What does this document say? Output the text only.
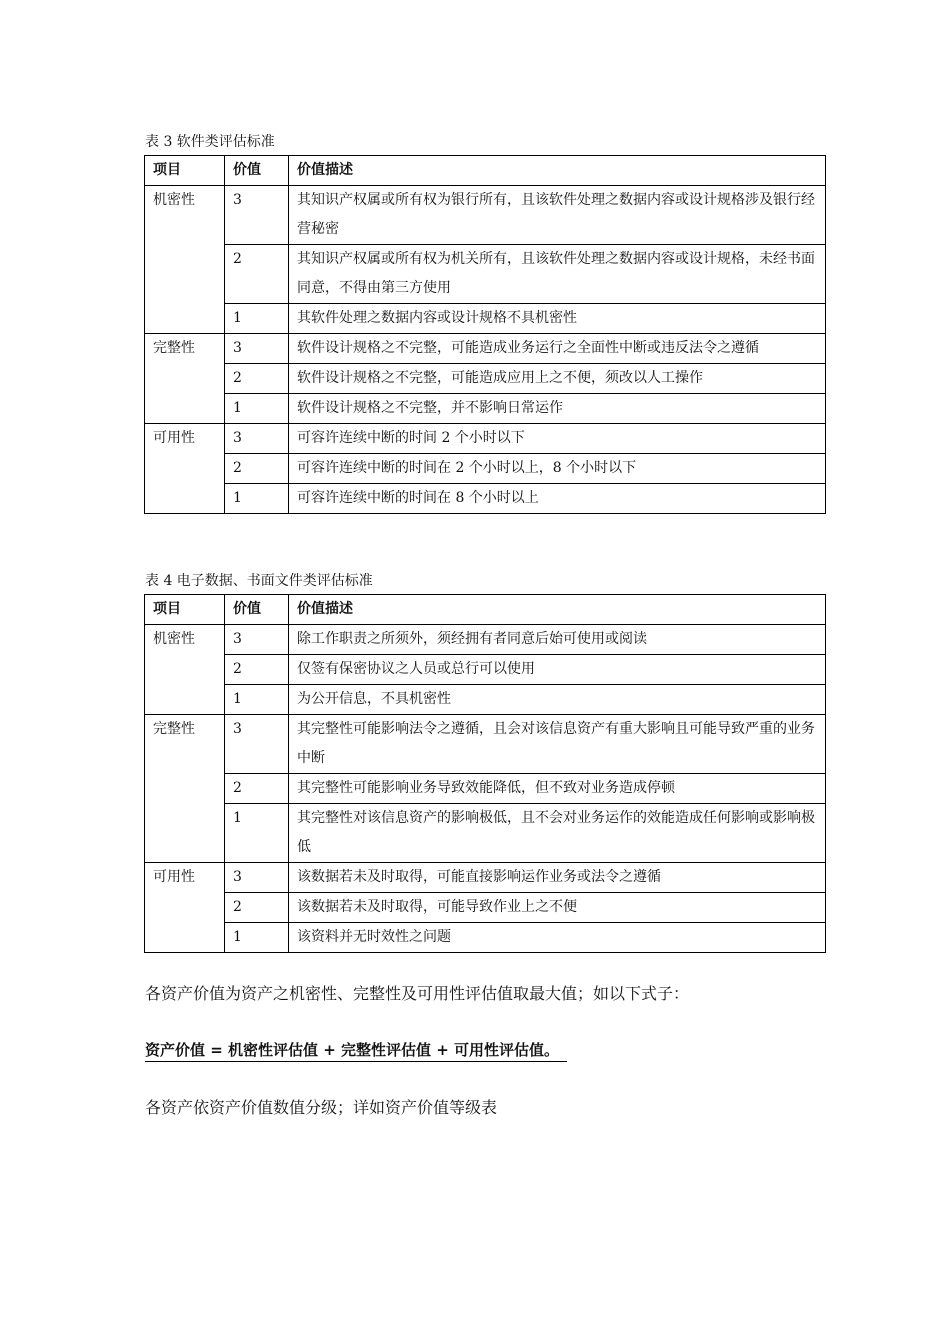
表 3 软件类评估标准
项目	价值	价值描述
机密性	3	其知识产权属或所有权为银行所有，且该软件处理之数据内容或设计规格涉及银行经营秘密
	2	其知识产权属或所有权为机关所有，且该软件处理之数据内容或设计规格，未经书面同意，不得由第三方使用
	1	其软件处理之数据内容或设计规格不具机密性
完整性	3	软件设计规格之不完整，可能造成业务运行之全面性中断或违反法令之遵循
	2	软件设计规格之不完整，可能造成应用上之不便，须改以人工操作
	1	软件设计规格之不完整，并不影响日常运作
可用性	3	可容许连续中断的时间 2 个小时以下
	2	可容许连续中断的时间在 2 个小时以上，8 个小时以下
	1	可容许连续中断的时间在 8 个小时以上
表 4 电子数据、书面文件类评估标准
项目	价值	价值描述
机密性	3	除工作职责之所须外，须经拥有者同意后始可使用或阅读
	2	仅签有保密协议之人员或总行可以使用
	1	为公开信息，不具机密性
完整性	3	其完整性可能影响法令之遵循，且会对该信息资产有重大影响且可能导致严重的业务中断
	2	其完整性可能影响业务导致效能降低，但不致对业务造成停顿
	1	其完整性对该信息资产的影响极低，且不会对业务运作的效能造成任何影响或影响极低
可用性	3	该数据若未及时取得，可能直接影响运作业务或法令之遵循
	2	该数据若未及时取得，可能导致作业上之不便
	1	该资料并无时效性之问题
各资产价值为资产之机密性、完整性及可用性评估值取最大值；如以下式子：
资产价值 = 机密性评估值 + 完整性评估值 + 可用性评估值。
各资产依资产价值数值分级；详如资产价值等级表
